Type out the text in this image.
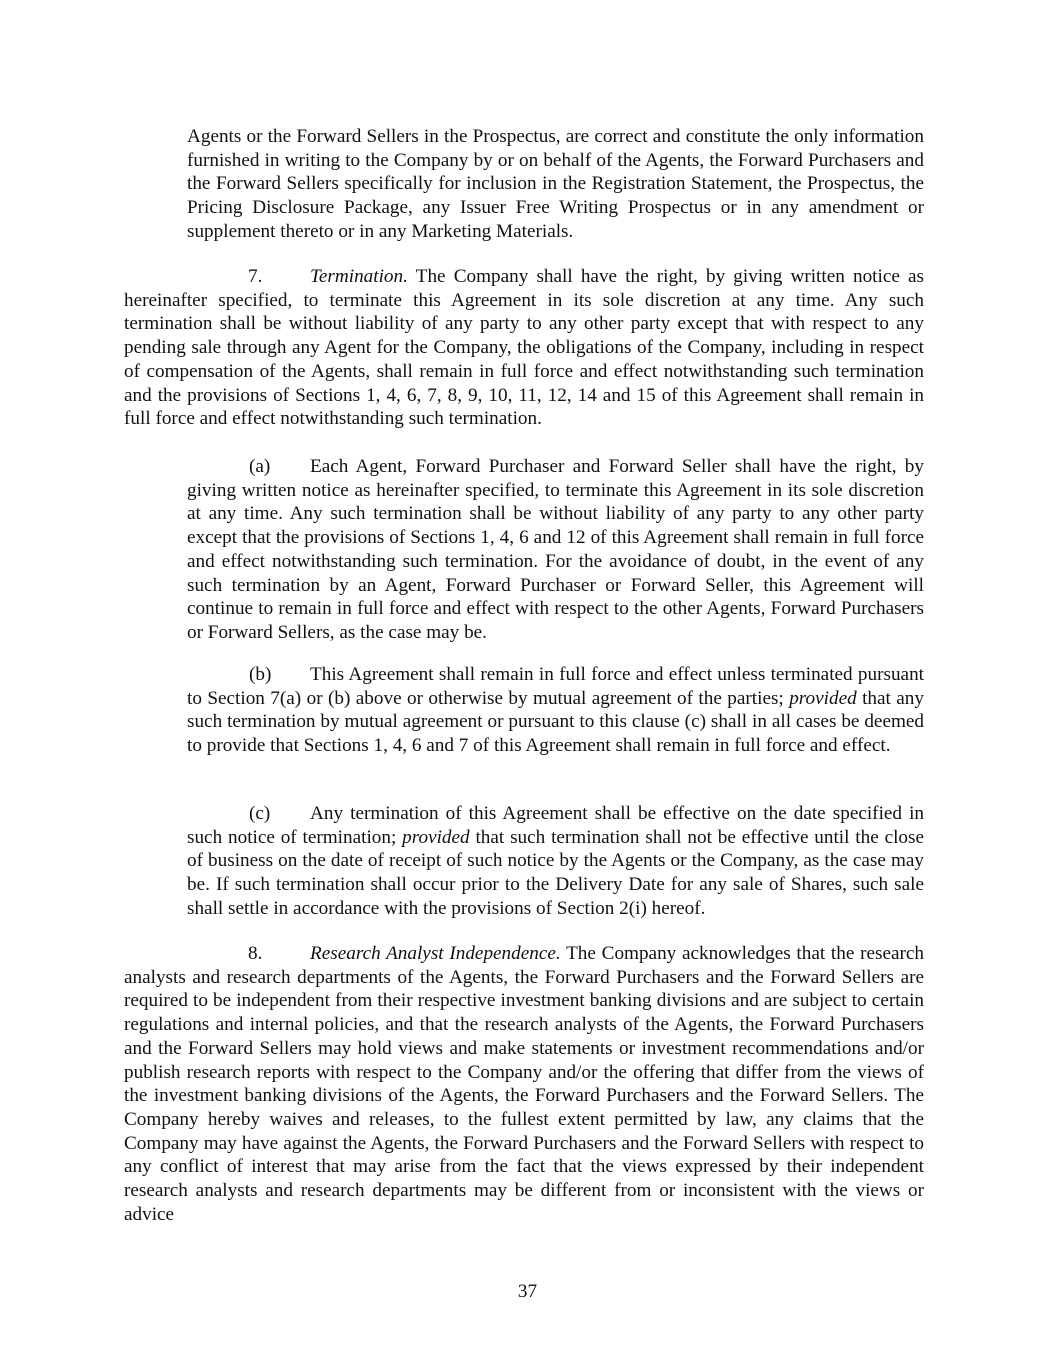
Agents or the Forward Sellers in the Prospectus, are correct and constitute the only information furnished in writing to the Company by or on behalf of the Agents, the Forward Purchasers and the Forward Sellers specifically for inclusion in the Registration Statement, the Prospectus, the Pricing Disclosure Package, any Issuer Free Writing Prospectus or in any amendment or supplement thereto or in any Marketing Materials.

7. Termination. The Company shall have the right, by giving written notice as hereinafter specified, to terminate this Agreement in its sole discretion at any time. Any such termination shall be without liability of any party to any other party except that with respect to any pending sale through any Agent for the Company, the obligations of the Company, including in respect of compensation of the Agents, shall remain in full force and effect notwithstanding such termination and the provisions of Sections 1, 4, 6, 7, 8, 9, 10, 11, 12, 14 and 15 of this Agreement shall remain in full force and effect notwithstanding such termination.

(a) Each Agent, Forward Purchaser and Forward Seller shall have the right, by giving written notice as hereinafter specified, to terminate this Agreement in its sole discretion at any time. Any such termination shall be without liability of any party to any other party except that the provisions of Sections 1, 4, 6 and 12 of this Agreement shall remain in full force and effect notwithstanding such termination. For the avoidance of doubt, in the event of any such termination by an Agent, Forward Purchaser or Forward Seller, this Agreement will continue to remain in full force and effect with respect to the other Agents, Forward Purchasers or Forward Sellers, as the case may be.

(b) This Agreement shall remain in full force and effect unless terminated pursuant to Section 7(a) or (b) above or otherwise by mutual agreement of the parties; provided that any such termination by mutual agreement or pursuant to this clause (c) shall in all cases be deemed to provide that Sections 1, 4, 6 and 7 of this Agreement shall remain in full force and effect.

(c) Any termination of this Agreement shall be effective on the date specified in such notice of termination; provided that such termination shall not be effective until the close of business on the date of receipt of such notice by the Agents or the Company, as the case may be. If such termination shall occur prior to the Delivery Date for any sale of Shares, such sale shall settle in accordance with the provisions of Section 2(i) hereof.

8. Research Analyst Independence. The Company acknowledges that the research analysts and research departments of the Agents, the Forward Purchasers and the Forward Sellers are required to be independent from their respective investment banking divisions and are subject to certain regulations and internal policies, and that the research analysts of the Agents, the Forward Purchasers and the Forward Sellers may hold views and make statements or investment recommendations and/or publish research reports with respect to the Company and/or the offering that differ from the views of the investment banking divisions of the Agents, the Forward Purchasers and the Forward Sellers. The Company hereby waives and releases, to the fullest extent permitted by law, any claims that the Company may have against the Agents, the Forward Purchasers and the Forward Sellers with respect to any conflict of interest that may arise from the fact that the views expressed by their independent research analysts and research departments may be different from or inconsistent with the views or advice

37
